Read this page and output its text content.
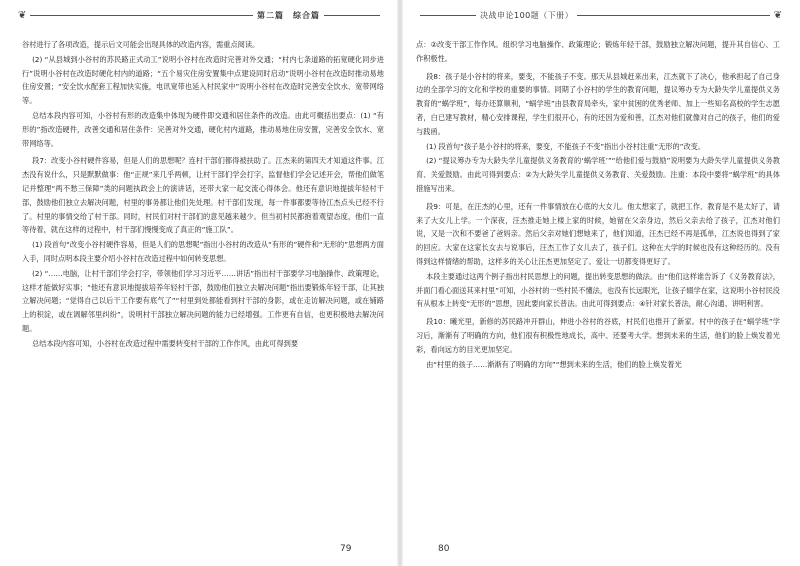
❦	第二篇　综合篇

谷村进行了各项改造，提示后文可能会出现具体的改造内容，需重点阅读。

(2) “从县城到小谷村的苏民路正式动工”说明小谷村在改造时完善对外交通；“村内七条道路的拓宽硬化同步进行”说明小谷村在改造时硬化村内的道路；“五个易灾住房安置集中点建设同时启动”说明小谷村在改造时推动易地住房安置；“安全饮水配套工程加快实施，电讯宽带也延入村民家中”说明小谷村在改造时完善安全饮水、宽带网络等。

总结本段内容可知，小谷村有形的改造集中体现为硬件即交通和居住条件的改造。由此可概括出要点：(1) “有形的”指改造硬件，改善交通和居住条件：完善对外交通，硬化村内道路，推动易地住房安置，完善安全饮水、宽带网络等。

段7：改变小谷村硬件容易，但是人们的思想呢？连村干部们都得被扶助了。江杰来的第四天才知道这件事。江杰没有说什么，只是默默做事：他“正规”来几乎两顿，让村干部们学会打字，监督他们学会记述开会，帮他们做笔记并整理“两不愁三保障”类的问题执政会上的演讲话，还带大家一起交流心得体会。他还有意识地提拔年轻村干部，鼓励他们独立去解决问题，村里的事务都让他们先处理。村干部们发现，每一件事都要等待江杰点头已经不行了。村里的事情交给了村干部。同时，村民们对村干部们的意见越来越少。但当初村民都抱着观望态度，他们一直等待着，就在这样的过程中，村干部们慢慢变成了真正的“施工队”。

(1) 段首句“改变小谷村硬件容易，但是人们的思想呢”指出小谷村的改造从“有形的”硬件和“无形的”思想两方面入手，同时点明本段主要介绍小谷村在改造过程中如何转变思想。

(2) “……电脑，让村干部们学会打字，带领他们学习习近平……讲话”指出村干部要学习电脑操作、政策理论，这样才能做好实事；“他还有意识地提拔培养年轻村干部，鼓励他们独立去解决问题”指出要锻炼年轻干部，让其独立解决问题；“觉得自己以后干工作要有底气了”“村里到处都能看到村干部的身影，或在走访解决问题，或在铺路上的积淀，或在调解邻里纠纷”，说明村干部独立解决问题的能力已经增强。工作更有自信，也更积极地去解决问题。

总结本段内容可知，小谷村在改造过程中需要转变村干部的工作作风，由此可得到要

79
决战申论100题（下册）	❦

点：②改变干部工作作风。组织学习电脑操作、政策理论；锻炼年轻干部，鼓励独立解决问题，提升其自信心、工作积极性。

段8：孩子是小谷村的将来，要变，不能孩子不变。那天从县城赶来出来，江杰就下了决心，他承担起了自己身边的全部学习的文化和学校的重要的事情。同期了小谷村的学生的教育问题，提议筹办专为大龄失学儿童提供义务教育的“蜗学班”，每办还算顺利，“蜗学班”由县教育局牵头，家中贫困的优秀老师、加上一些知名高校的学生志愿者，白已建写教材，精心安排课程，学生们很开心，有的还因为爱和善，江杰对他们就像对自己的孩子，他们的爱与践函。

(1) 段首句“孩子是小谷村的将来，要变，不能孩子不变”指出小谷村注重“无形的”改变。

(2) “提议筹办专为大龄失学儿童提供义务教育的‘蜗学班’”“给他们爱与鼓励”说明要为大龄失学儿童提供义务教育、关爱鼓励。由此可得到要点：②为大龄失学儿童提供义务教育、关爱鼓励。注重：本段中要将“蜗学班”的具体措施写出来。

段9：可是，在汪杰的心里，还有一件事情放在心底的大女儿。他太想家了，就把工作、教育是不是太好了，请来了大女儿上学。一个深夜，汪杰推走她上楼上家的时候，她留在父亲身边，然后父亲去给了孩子，江杰对他们说，又是一次和不要爸了爸妈亲。然后父亲对她们想她来了，他们知道，汪杰已经不再是孤单，江杰说也得到了家的回应。大家在这家长女去与说事后，汪杰工作了女儿去了，孩子们。这种在大学的时候也没有这种经历的。没有得到这样情绪的帮助，这样多的关心让汪杰更加坚定了。爱让一切都变得更好了。

本段主要通过这两个例子指出村民思想上的问题，提出转变思想的做法。由“他们这样谁告诉了《义务教育法》，并面门看心面送其来村里”可知，小谷村的一些村民不懂法，也没有长远眼光，让孩子辍学在家，这说明小谷村民没有从根本上转变“无形的”思想，因此要向家长普法。由此可得到要点：④针对家长普法，耐心沟通、讲明利害。

段10：曦光里，新修的苏民路冲开群山，伸进小谷村的谷底，村民们也推开了新家。村中的孩子在“蜗学班”学习后，渐渐有了明确的方向，他们很有积极性地成长，高中、还要考大学。想到未来的生活，他们的脸上焕发着光彩，看向远方的目光更加坚定。

由“村里的孩子……渐渐有了明确的方向”“想到未来的生活，他们的脸上焕发着光

80
